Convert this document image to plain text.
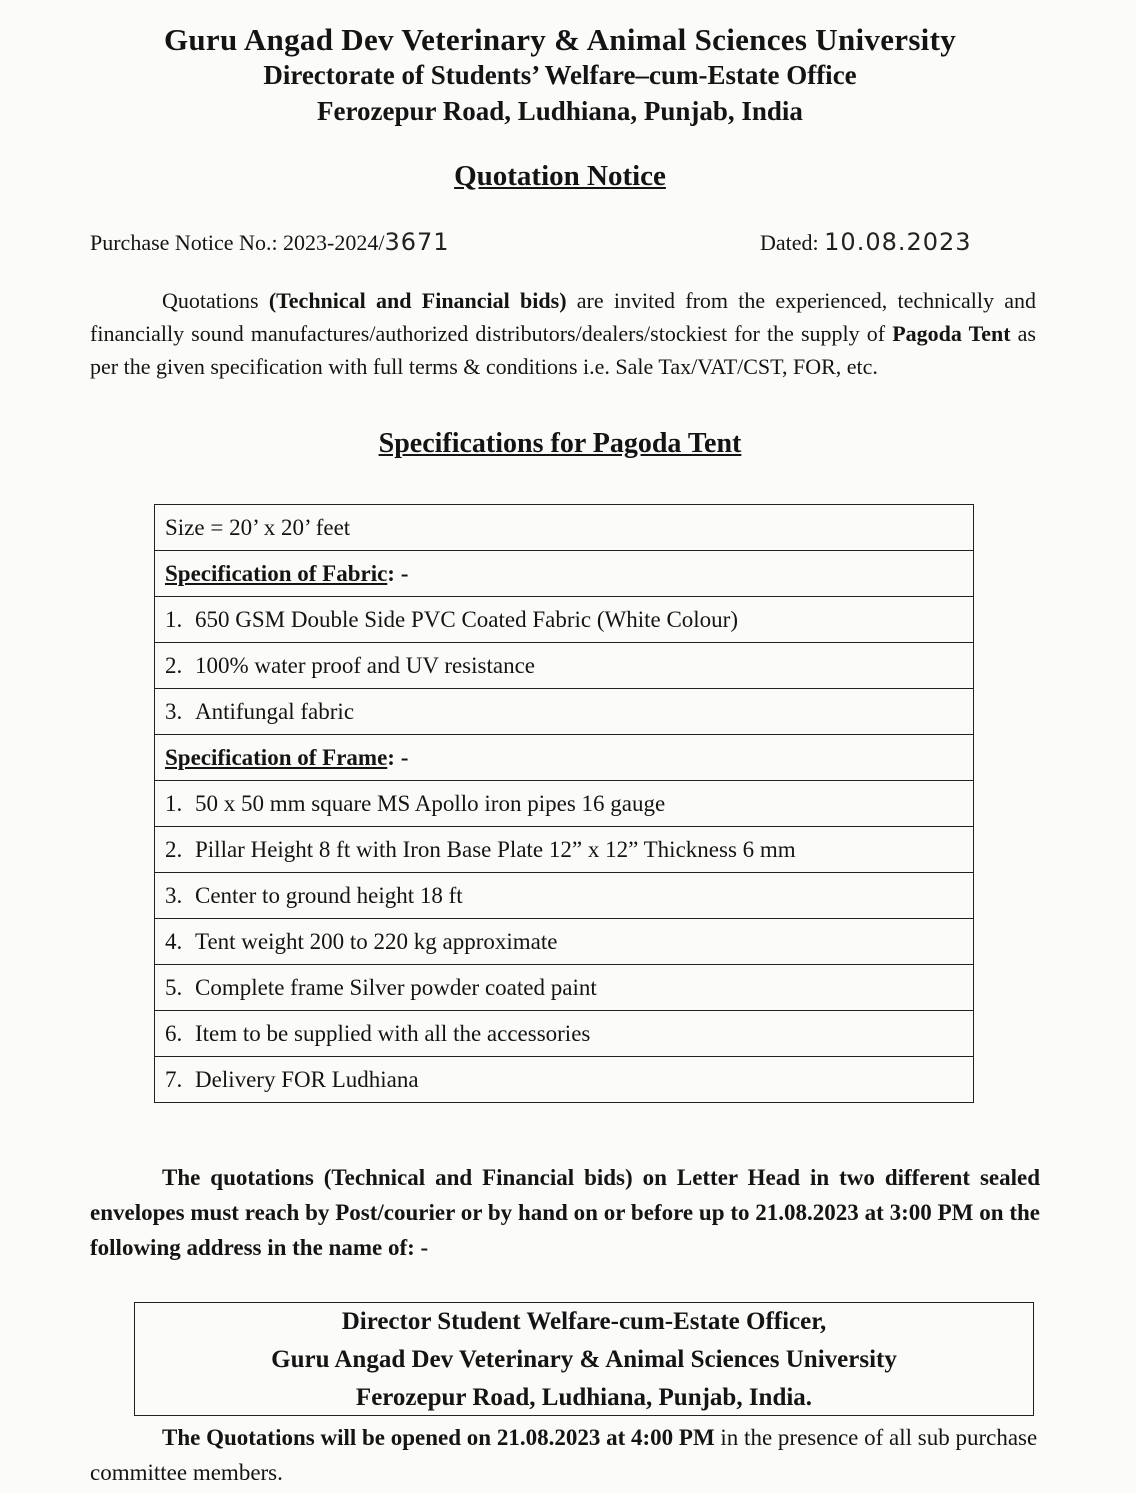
Guru Angad Dev Veterinary & Animal Sciences University
Directorate of Students’ Welfare–cum-Estate Office
Ferozepur Road, Ludhiana, Punjab, India
Quotation Notice
Purchase Notice No.: 2023-2024/3671	Dated: 10.08.2023
Quotations (Technical and Financial bids) are invited from the experienced, technically and financially sound manufactures/authorized distributors/dealers/stockiest for the supply of Pagoda Tent as per the given specification with full terms & conditions i.e. Sale Tax/VAT/CST, FOR, etc.
Specifications for Pagoda Tent
Size = 20’ x 20’ feet
Specification of Fabric: -
1. 650 GSM Double Side PVC Coated Fabric (White Colour)
2. 100% water proof and UV resistance
3. Antifungal fabric
Specification of Frame: -
1. 50 x 50 mm square MS Apollo iron pipes 16 gauge
2. Pillar Height 8 ft with Iron Base Plate 12” x 12” Thickness 6 mm
3. Center to ground height 18 ft
4. Tent weight 200 to 220 kg approximate
5. Complete frame Silver powder coated paint
6. Item to be supplied with all the accessories
7. Delivery FOR Ludhiana
The quotations (Technical and Financial bids) on Letter Head in two different sealed envelopes must reach by Post/courier or by hand on or before up to 21.08.2023 at 3:00 PM on the following address in the name of: -
Director Student Welfare-cum-Estate Officer,
Guru Angad Dev Veterinary & Animal Sciences University
Ferozepur Road, Ludhiana, Punjab, India.
The Quotations will be opened on 21.08.2023 at 4:00 PM in the presence of all sub purchase committee members.
